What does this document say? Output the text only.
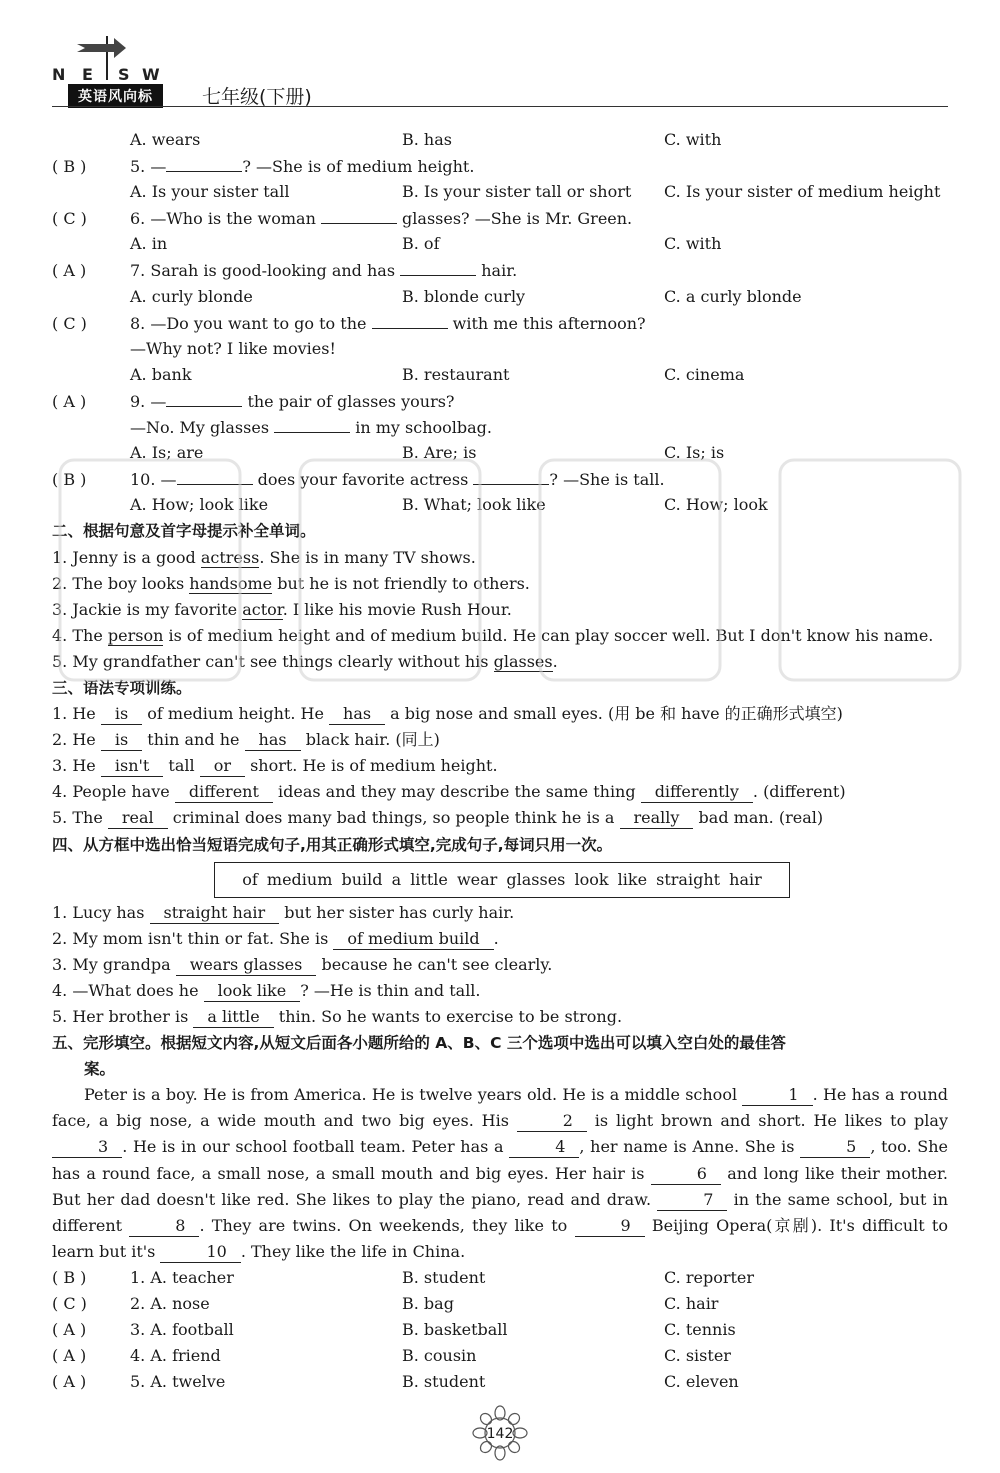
N E S W
英语风向标	七年级(下册)
A. wears	B. has	C. with
( B )	5. —	? —She is of medium height.
A. Is your sister tall	B. Is your sister tall or short C. Is your sister of medium height
( C )	6. —Who is the woman	glasses? —She is Mr. Green.
A. in	B. of	C. with
( A )	7. Sarah is good-looking and has	hair.
A. curly blonde	B. blonde curly	C. a curly blonde
( C )	8. —Do you want to go to the	with me this afternoon?
—Why not? I like movies!
A. bank	B. restaurant	C. cinema
( A )	9. —	the pair of glasses yours?
—No. My glasses	in my schoolbag.
A. Is; are	B. Are; is	C. Is; is
( B )	10. —	does your favorite actress	? —She is tall.
A. How; look like	B. What; look like	C. How; look
二、根据句意及首字母提示补全单词。
1. Jenny is a good actress. She is in many TV shows.
2. The boy looks handsome but he is not friendly to others.
3. Jackie is my favorite actor. I like his movie Rush Hour.
4. The person is of medium height and of medium build. He can play soccer well. But I don't know his name.
5. My grandfather can't see things clearly without his glasses.
三、语法专项训练。
1. He is of medium height. He has a big nose and small eyes. (用 be 和 have 的正确形式填空)
2. He is thin and he has black hair. (同上)
3. He isn't tall or short. He is of medium height.
4. People have different ideas and they may describe the same thing differently . (different)
5. The real criminal does many bad things, so people think he is a really bad man. (real)
四、从方框中选出恰当短语完成句子,用其正确形式填空,完成句子,每词只用一次。
of medium build a little wear glasses look like straight hair
1. Lucy has straight hair but her sister has curly hair.
2. My mom isn't thin or fat. She is of medium build .
3. My grandpa wears glasses because he can't see clearly.
4. —What does he look like ? —He is thin and tall.
5. Her brother is a little thin. So he wants to exercise to be strong.
五、完形填空。根据短文内容,从短文后面各小题所给的 A、B、C 三个选项中选出可以填入空白处的最佳答
案。
Peter is a boy. He is from America. He is twelve years old. He is a middle school	1 . He has a round face, a big nose, a wide mouth and two big eyes. His	2 is light brown and short. He likes to play 3 . He is in our school football team. Peter has a	4 , her name is Anne. She is	5 , too. She has a round face, a small nose, a small mouth and big eyes. Her hair is	6 and long like their mother. But her dad doesn't like red. She likes to play the piano, read and draw.	7 in the same school, but in different	8 . They are twins. On weekends, they like to	9 Beijing Opera(京剧). It's difficult to learn but it's	10 . They like the life in China.
( B )	1. A. teacher	B. student	C. reporter
( C )	2. A. nose	B. bag	C. hair
( A )	3. A. football	B. basketball	C. tennis
( A )	4. A. friend	B. cousin	C. sister
( A )	5. A. twelve	B. student	C. eleven
142
